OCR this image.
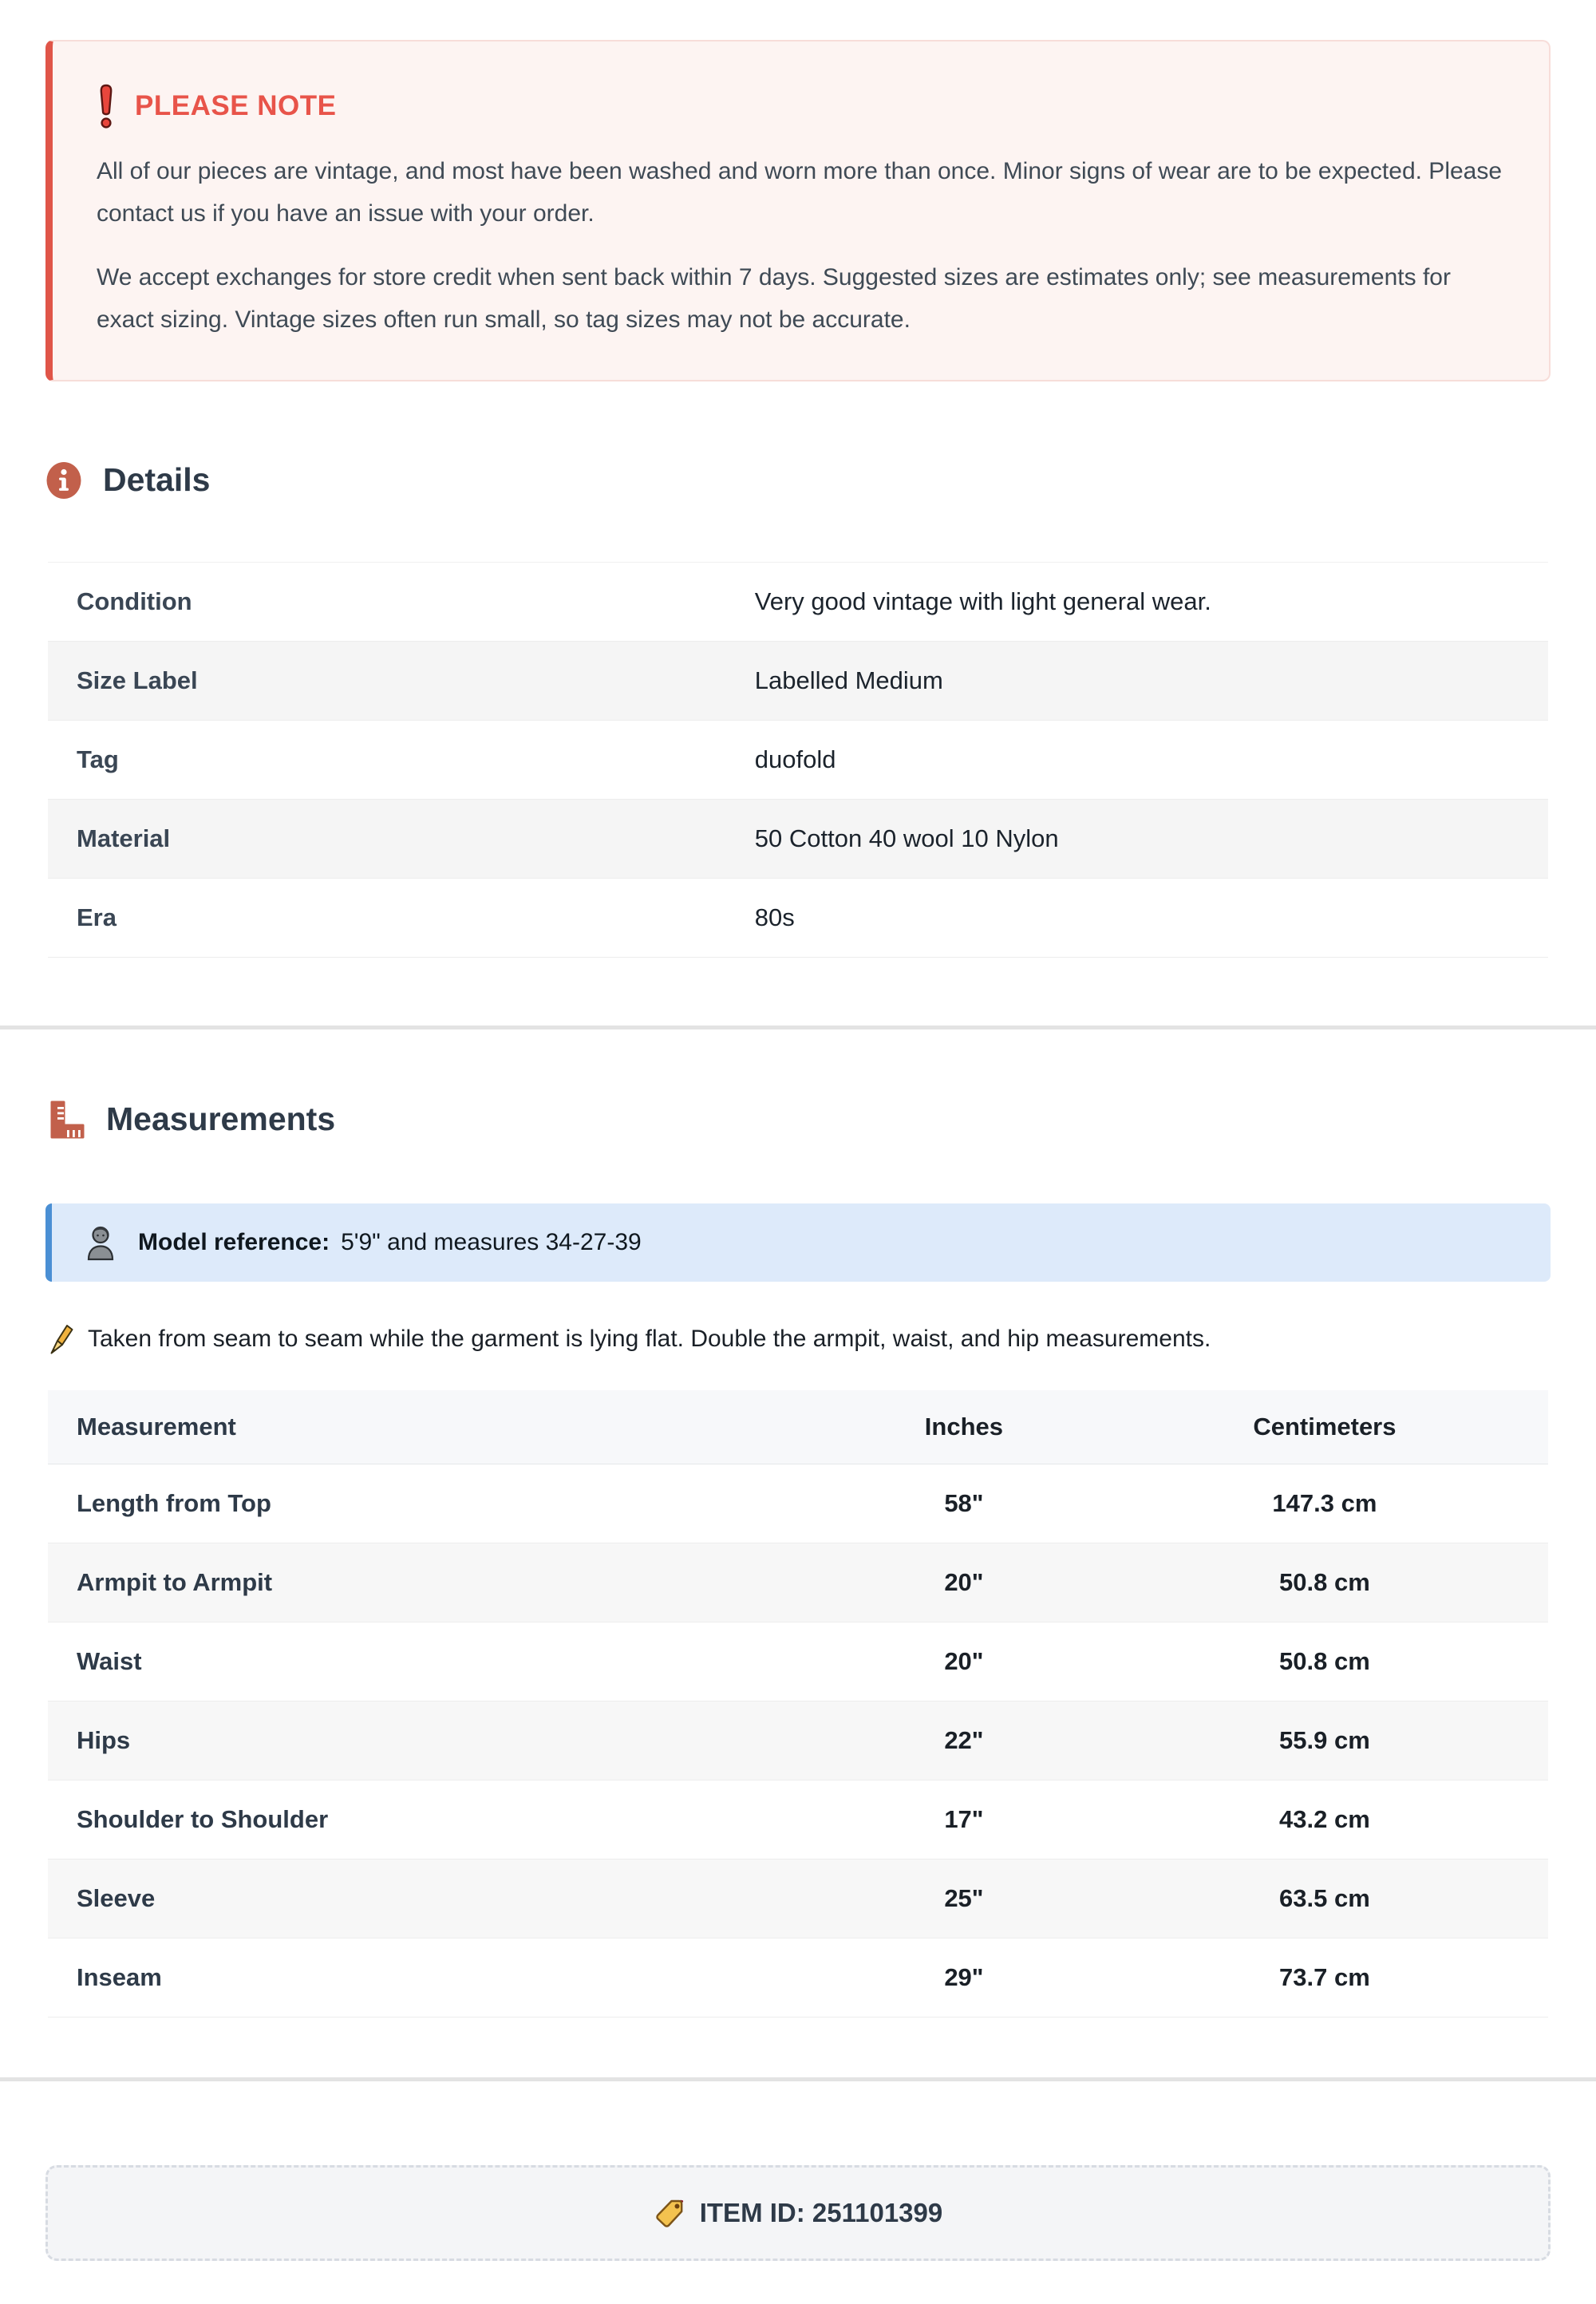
PLEASE NOTE

All of our pieces are vintage, and most have been washed and worn more than once. Minor signs of wear are to be expected. Please contact us if you have an issue with your order.

We accept exchanges for store credit when sent back within 7 days. Suggested sizes are estimates only; see measurements for exact sizing. Vintage sizes often run small, so tag sizes may not be accurate.

Details
Condition	Very good vintage with light general wear.
Size Label	Labelled Medium
Tag	duofold
Material	50 Cotton 40 wool 10 Nylon
Era	80s
Measurements
Model reference: 5'9" and measures 34-27-39

Taken from seam to seam while the garment is lying flat. Double the armpit, waist, and hip measurements.

Measurement	Inches	Centimeters
Length from Top	58"	147.3 cm
Armpit to Armpit	20"	50.8 cm
Waist	20"	50.8 cm
Hips	22"	55.9 cm
Shoulder to Shoulder	17"	43.2 cm
Sleeve	25"	63.5 cm
Inseam	29"	73.7 cm
ITEM ID: 251101399
